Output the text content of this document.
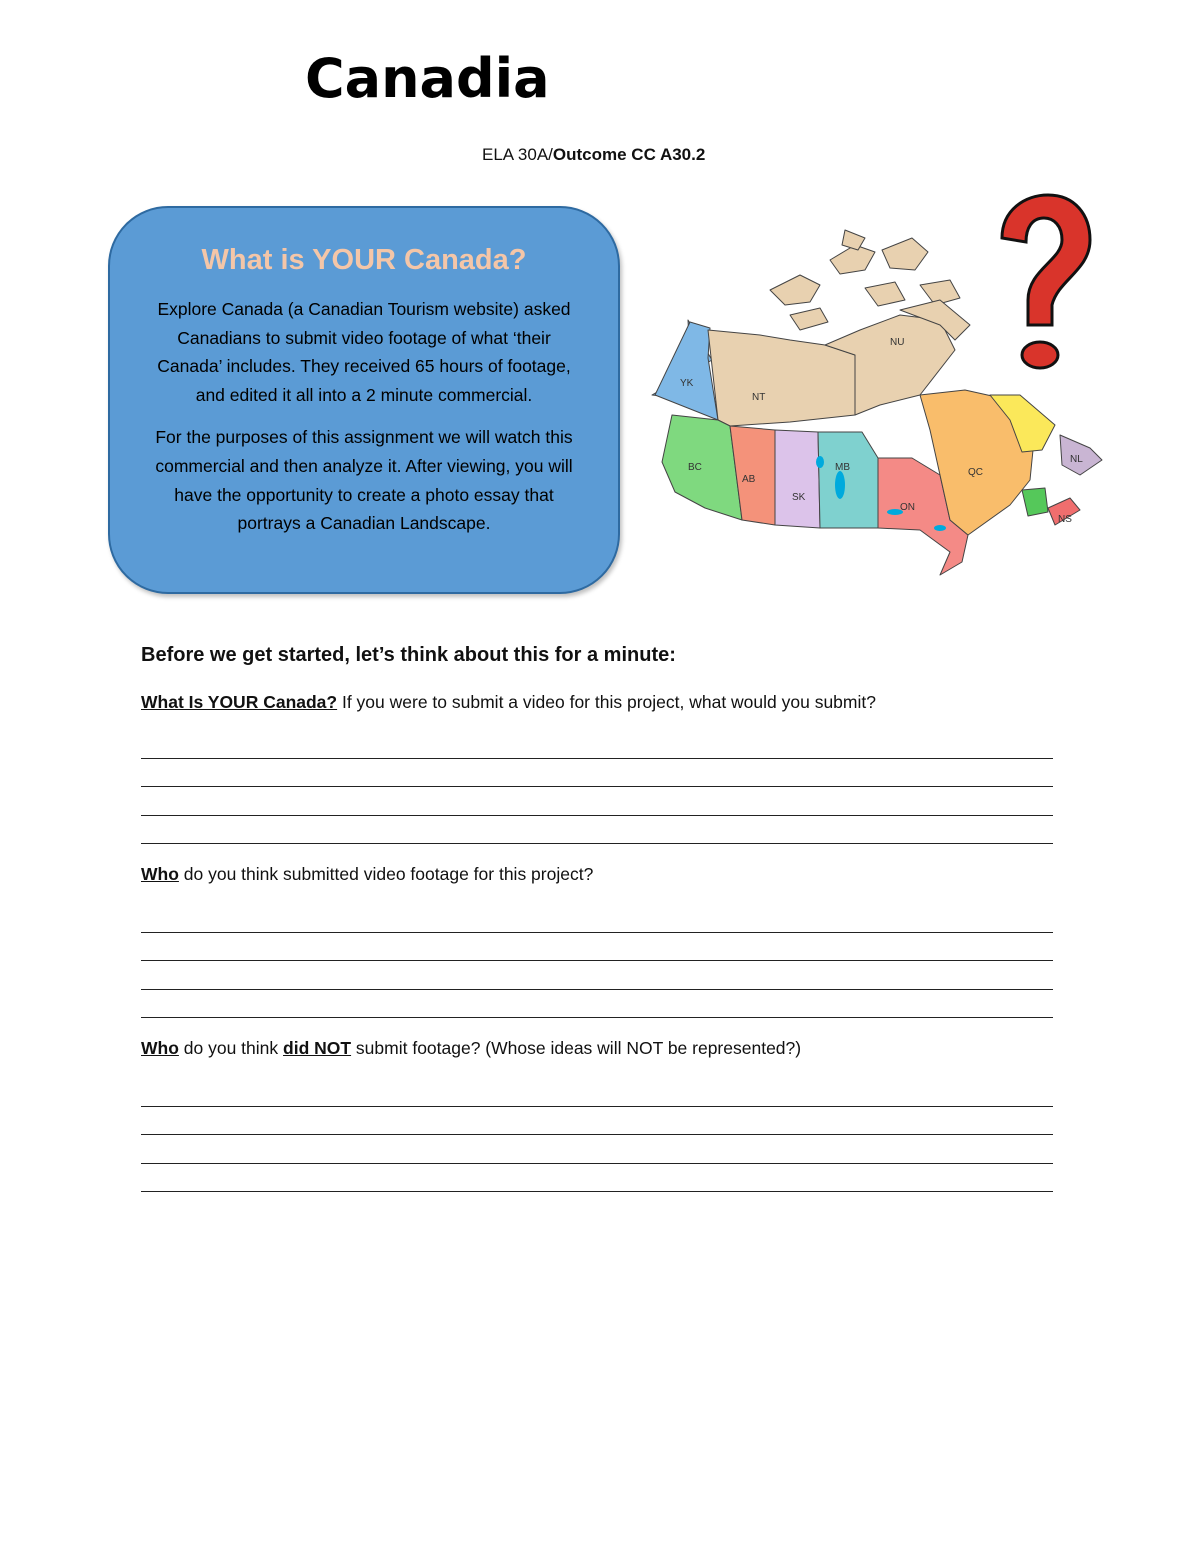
Canadia
ELA 30A/Outcome CC A30.2
What is YOUR Canada?

Explore Canada (a Canadian Tourism website) asked Canadians to submit video footage of what ‘their Canada’ includes. They received 65 hours of footage, and edited it all into a 2 minute commercial.

For the purposes of this assignment we will watch this commercial and then analyze it. After viewing, you will have the opportunity to create a photo essay that portrays a Canadian Landscape.

YK
NT
NU
BC
AB
SK
MB
ON
QC
NL
NS
Before we get started, let’s think about this for a minute:

What Is YOUR Canada? If you were to submit a video for this project, what would you submit?

Who do you think submitted video footage for this project?

Who do you think did NOT submit footage? (Whose ideas will NOT be represented?)
